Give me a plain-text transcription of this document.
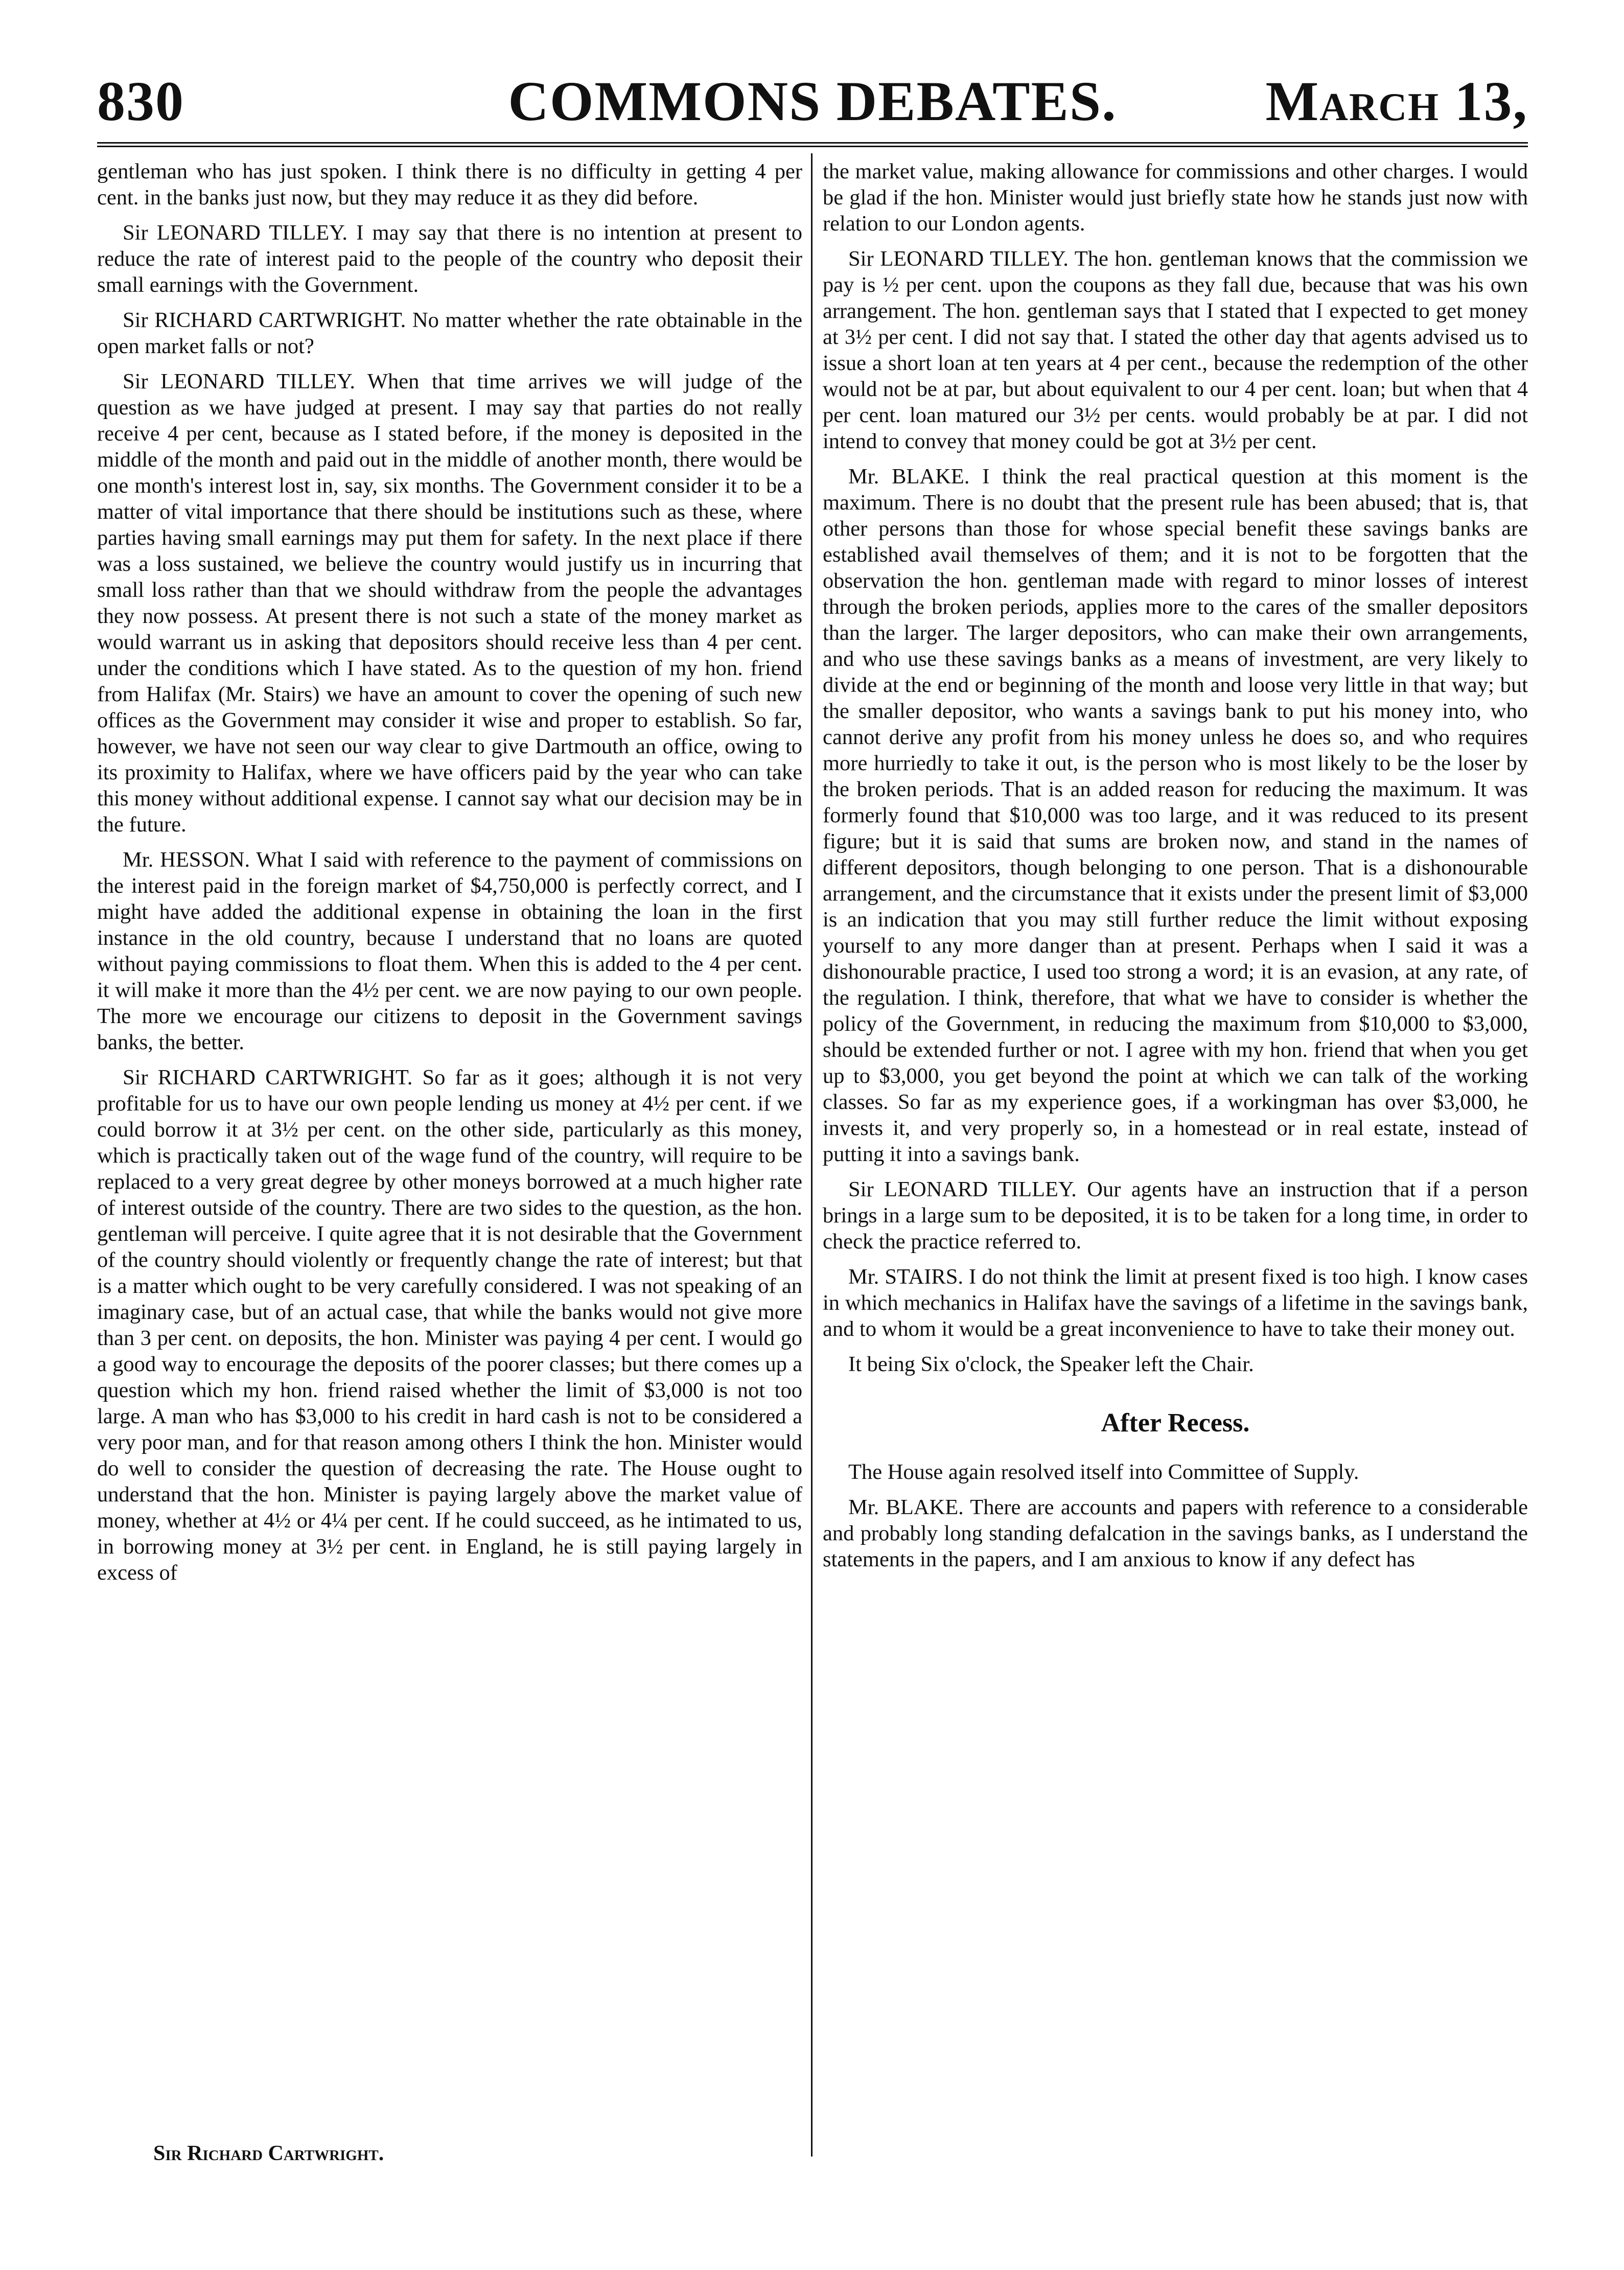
830	COMMONS DEBATES.	March 13,

gentleman who has just spoken. I think there is no difficulty in getting 4 per cent. in the banks just now, but they may reduce it as they did before.

Sir LEONARD TILLEY. I may say that there is no intention at present to reduce the rate of interest paid to the people of the country who deposit their small earnings with the Government.

Sir RICHARD CARTWRIGHT. No matter whether the rate obtainable in the open market falls or not?

Sir LEONARD TILLEY. When that time arrives we will judge of the question as we have judged at present. I may say that parties do not really receive 4 per cent, because as I stated before, if the money is deposited in the middle of the month and paid out in the middle of another month, there would be one month's interest lost in, say, six months. The Government consider it to be a matter of vital importance that there should be institutions such as these, where parties having small earnings may put them for safety. In the next place if there was a loss sustained, we believe the country would justify us in incurring that small loss rather than that we should withdraw from the people the advantages they now possess. At present there is not such a state of the money market as would warrant us in asking that depositors should receive less than 4 per cent. under the conditions which I have stated. As to the question of my hon. friend from Halifax (Mr. Stairs) we have an amount to cover the opening of such new offices as the Government may consider it wise and proper to establish. So far, however, we have not seen our way clear to give Dartmouth an office, owing to its proximity to Halifax, where we have officers paid by the year who can take this money without additional expense. I cannot say what our decision may be in the future.

Mr. HESSON. What I said with reference to the payment of commissions on the interest paid in the foreign market of $4,750,000 is perfectly correct, and I might have added the additional expense in obtaining the loan in the first instance in the old country, because I understand that no loans are quoted without paying commissions to float them. When this is added to the 4 per cent. it will make it more than the 4½ per cent. we are now paying to our own people. The more we encourage our citizens to deposit in the Government savings banks, the better.

Sir RICHARD CARTWRIGHT. So far as it goes; although it is not very profitable for us to have our own people lending us money at 4½ per cent. if we could borrow it at 3½ per cent. on the other side, particularly as this money, which is practically taken out of the wage fund of the country, will require to be replaced to a very great degree by other moneys borrowed at a much higher rate of interest outside of the country. There are two sides to the question, as the hon. gentleman will perceive. I quite agree that it is not desirable that the Government of the country should violently or frequently change the rate of interest; but that is a matter which ought to be very carefully considered. I was not speaking of an imaginary case, but of an actual case, that while the banks would not give more than 3 per cent. on deposits, the hon. Minister was paying 4 per cent. I would go a good way to encourage the deposits of the poorer classes; but there comes up a question which my hon. friend raised whether the limit of $3,000 is not too large. A man who has $3,000 to his credit in hard cash is not to be considered a very poor man, and for that reason among others I think the hon. Minister would do well to consider the question of decreasing the rate. The House ought to understand that the hon. Minister is paying largely above the market value of money, whether at 4½ or 4¼ per cent. If he could succeed, as he intimated to us, in borrowing money at 3½ per cent. in England, he is still paying largely in excess of

the market value, making allowance for commissions and other charges. I would be glad if the hon. Minister would just briefly state how he stands just now with relation to our London agents.

Sir LEONARD TILLEY. The hon. gentleman knows that the commission we pay is ½ per cent. upon the coupons as they fall due, because that was his own arrangement. The hon. gentleman says that I stated that I expected to get money at 3½ per cent. I did not say that. I stated the other day that agents advised us to issue a short loan at ten years at 4 per cent., because the redemption of the other would not be at par, but about equivalent to our 4 per cent. loan; but when that 4 per cent. loan matured our 3½ per cents. would probably be at par. I did not intend to convey that money could be got at 3½ per cent.

Mr. BLAKE. I think the real practical question at this moment is the maximum. There is no doubt that the present rule has been abused; that is, that other persons than those for whose special benefit these savings banks are established avail themselves of them; and it is not to be forgotten that the observation the hon. gentleman made with regard to minor losses of interest through the broken periods, applies more to the cares of the smaller depositors than the larger. The larger depositors, who can make their own arrangements, and who use these savings banks as a means of investment, are very likely to divide at the end or beginning of the month and loose very little in that way; but the smaller depositor, who wants a savings bank to put his money into, who cannot derive any profit from his money unless he does so, and who requires more hurriedly to take it out, is the person who is most likely to be the loser by the broken periods. That is an added reason for reducing the maximum. It was formerly found that $10,000 was too large, and it was reduced to its present figure; but it is said that sums are broken now, and stand in the names of different depositors, though belonging to one person. That is a dishonourable arrangement, and the circumstance that it exists under the present limit of $3,000 is an indication that you may still further reduce the limit without exposing yourself to any more danger than at present. Perhaps when I said it was a dishonourable practice, I used too strong a word; it is an evasion, at any rate, of the regulation. I think, therefore, that what we have to consider is whether the policy of the Government, in reducing the maximum from $10,000 to $3,000, should be extended further or not. I agree with my hon. friend that when you get up to $3,000, you get beyond the point at which we can talk of the working classes. So far as my experience goes, if a workingman has over $3,000, he invests it, and very properly so, in a homestead or in real estate, instead of putting it into a savings bank.

Sir LEONARD TILLEY. Our agents have an instruction that if a person brings in a large sum to be deposited, it is to be taken for a long time, in order to check the practice referred to.

Mr. STAIRS. I do not think the limit at present fixed is too high. I know cases in which mechanics in Halifax have the savings of a lifetime in the savings bank, and to whom it would be a great inconvenience to have to take their money out.

It being Six o'clock, the Speaker left the Chair.

After Recess.

The House again resolved itself into Committee of Supply.

Mr. BLAKE. There are accounts and papers with reference to a considerable and probably long standing defalcation in the savings banks, as I understand the statements in the papers, and I am anxious to know if any defect has

Sir Richard Cartwright.
